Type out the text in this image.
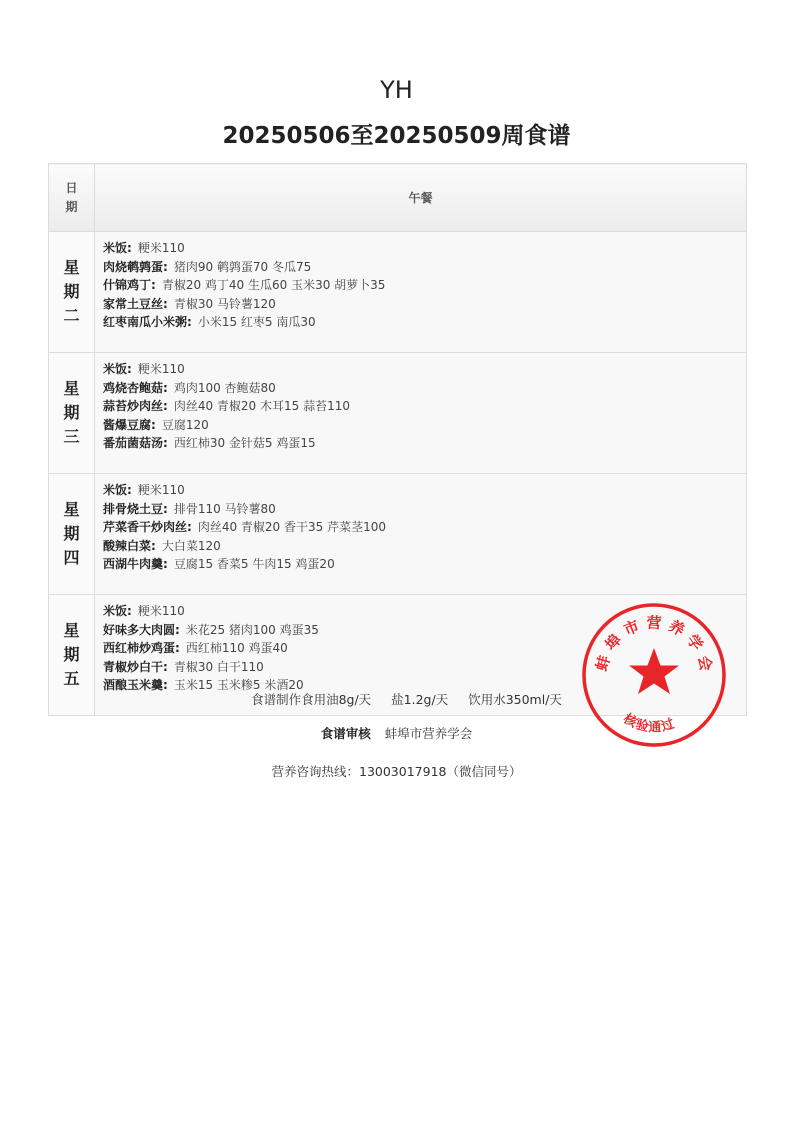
YH
20250506至20250509周食谱
日期	午餐

星期二	米饭: 粳米110
肉烧鹌鹑蛋: 猪肉90 鹌鹑蛋70 冬瓜75
什锦鸡丁: 青椒20 鸡丁40 生瓜60 玉米30 胡萝卜35
家常土豆丝: 青椒30 马铃薯120
红枣南瓜小米粥: 小米15 红枣5 南瓜30

星期三	米饭: 粳米110
鸡烧杏鲍菇: 鸡肉100 杏鲍菇80
蒜苔炒肉丝: 肉丝40 青椒20 木耳15 蒜苔110
酱爆豆腐: 豆腐120
番茄菌菇汤: 西红柿30 金针菇5 鸡蛋15

星期四	米饭: 粳米110
排骨烧土豆: 排骨110 马铃薯80
芹菜香干炒肉丝: 肉丝40 青椒20 香干35 芹菜茎100
酸辣白菜: 大白菜120
西湖牛肉羹: 豆腐15 香菜5 牛肉15 鸡蛋20

星期五	米饭: 粳米110
好味多大肉圆: 米花25 猪肉100 鸡蛋35
西红柿炒鸡蛋: 西红柿110 鸡蛋40
青椒炒白干: 青椒30 白干110
酒酿玉米羹: 玉米15 玉米糁5 米酒20
食谱制作食用油8g/天 盐1.2g/天 饮用水350ml/天
食谱审核 蚌埠市营养学会
营养咨询热线：13003017918（微信同号）
蚌埠市营养学会
核验通过
